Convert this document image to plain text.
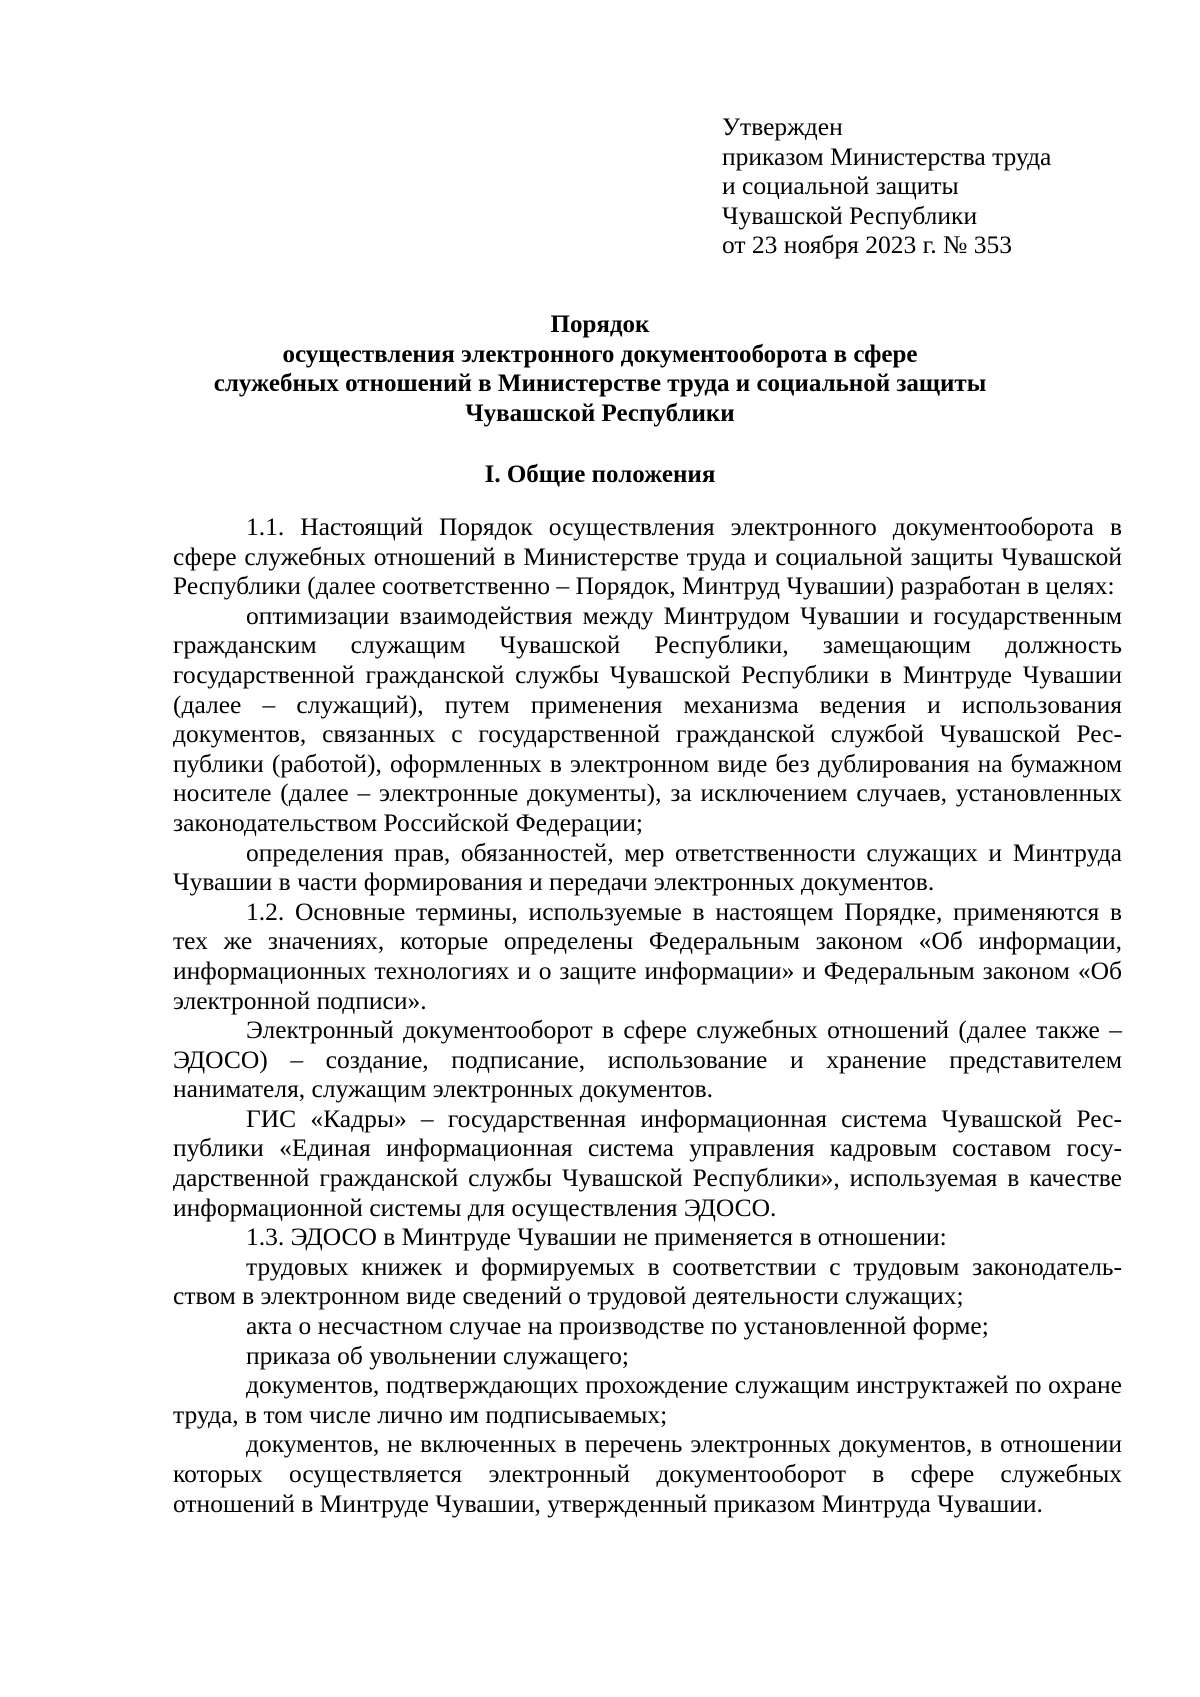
Утвержден
приказом Министерства труда
и социальной защиты
Чувашской Республики
от 23 ноября 2023 г. № 353
Порядок
осуществления электронного документооборота в сфере
служебных отношений в Министерстве труда и социальной защиты
Чувашской Республики
I. Общие положения

1.1. Настоящий Порядок осуществления электронного документооборота в сфере служебных отношений в Министерстве труда и социальной защиты Чувашской Республики (далее соответственно – Порядок, Минтруд Чувашии) разработан в целях:

оптимизации взаимодействия между Минтрудом Чувашии и государственным гражданским служащим Чувашской Республики, замещающим должность государственной гражданской службы Чувашской Республики в Минтруде Чувашии (далее – служащий), путем применения механизма ведения и использования документов, связанных с государственной гражданской службой Чувашской Республики (работой), оформленных в электронном виде без дублирования на бумажном носителе (далее – электронные документы), за исключением случаев, установленных законодательством Российской Федерации;

определения прав, обязанностей, мер ответственности служащих и Минтруда Чувашии в части формирования и передачи электронных документов.

1.2. Основные термины, используемые в настоящем Порядке, применяются в тех же значениях, которые определены Федеральным законом «Об информации, информационных технологиях и о защите информации» и Федеральным законом «Об электронной подписи».

Электронный документооборот в сфере служебных отношений (далее также – ЭДОСО) – создание, подписание, использование и хранение представителем нанимателя, служащим электронных документов.

ГИС «Кадры» – государственная информационная система Чувашской Республики «Единая информационная система управления кадровым составом государственной гражданской службы Чувашской Республики», используемая в качестве информационной системы для осуществления ЭДОСО.

1.3. ЭДОСО в Минтруде Чувашии не применяется в отношении:

трудовых книжек и формируемых в соответствии с трудовым законодательством в электронном виде сведений о трудовой деятельности служащих;

акта о несчастном случае на производстве по установленной форме;

приказа об увольнении служащего;

документов, подтверждающих прохождение служащим инструктажей по охране труда, в том числе лично им подписываемых;

документов, не включенных в перечень электронных документов, в отношении которых осуществляется электронный документооборот в сфере служебных отношений в Минтруде Чувашии, утвержденный приказом Минтруда Чувашии.
